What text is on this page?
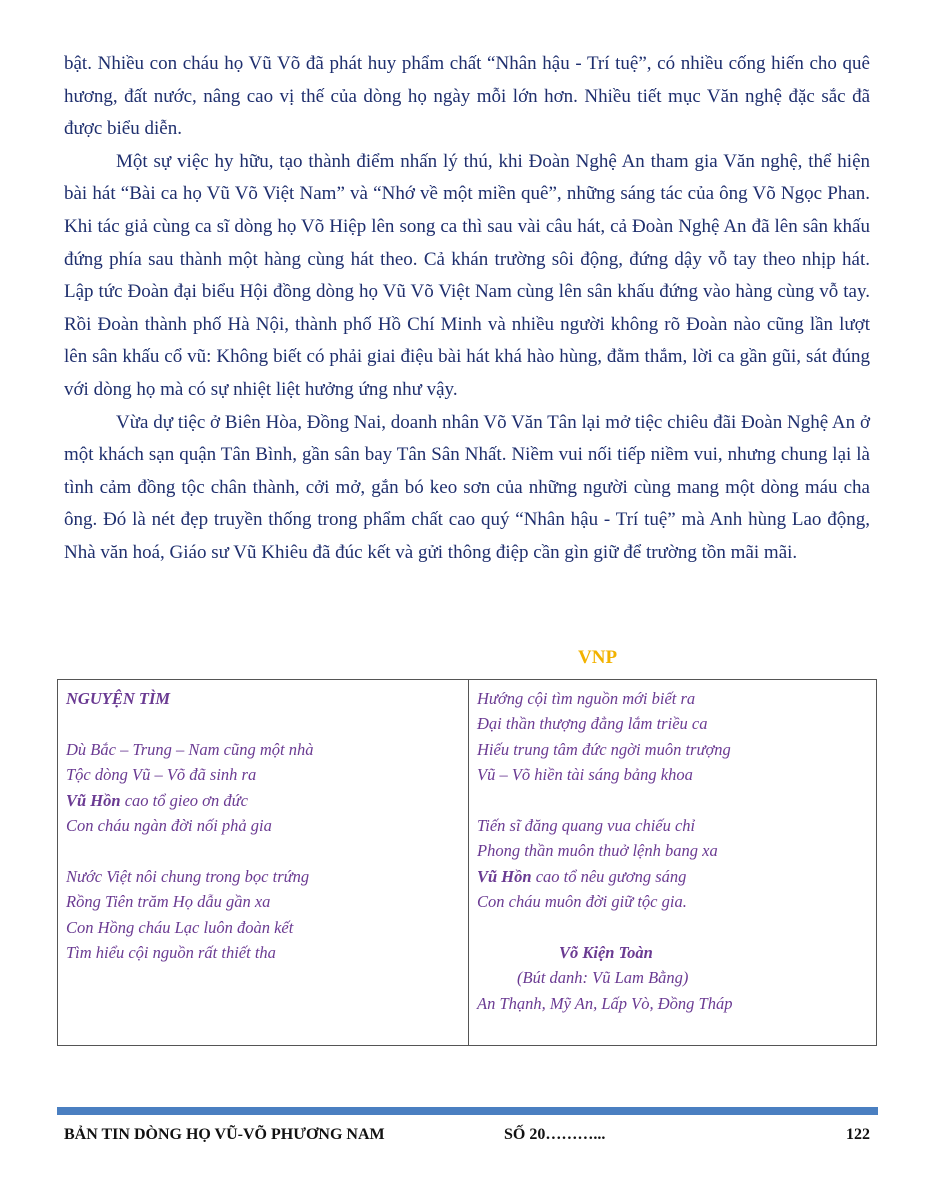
bật. Nhiều con cháu họ Vũ Võ đã phát huy phẩm chất “Nhân hậu - Trí tuệ”, có nhiều cống hiến cho quê hương, đất nước, nâng cao vị thế của dòng họ ngày mỗi lớn hơn. Nhiều tiết mục Văn nghệ đặc sắc đã được biểu diễn.

Một sự việc hy hữu, tạo thành điểm nhấn lý thú, khi Đoàn Nghệ An tham gia Văn nghệ, thể hiện bài hát “Bài ca họ Vũ Võ Việt Nam” và “Nhớ về một miền quê”, những sáng tác của ông Võ Ngọc Phan. Khi tác giả cùng ca sĩ dòng họ Võ Hiệp lên song ca thì sau vài câu hát, cả Đoàn Nghệ An đã lên sân khấu đứng phía sau thành một hàng cùng hát theo. Cả khán trường sôi động, đứng dậy vỗ tay theo nhịp hát. Lập tức Đoàn đại biểu Hội đồng dòng họ Vũ Võ Việt Nam cùng lên sân khấu đứng vào hàng cùng vỗ tay. Rồi Đoàn thành phố Hà Nội, thành phố Hồ Chí Minh và nhiều người không rõ Đoàn nào cũng lần lượt lên sân khấu cổ vũ: Không biết có phải giai điệu bài hát khá hào hùng, đằm thắm, lời ca gần gũi, sát đúng với dòng họ mà có sự nhiệt liệt hưởng ứng như vậy.

Vừa dự tiệc ở Biên Hòa, Đồng Nai, doanh nhân Võ Văn Tân lại mở tiệc chiêu đãi Đoàn Nghệ An ở một khách sạn quận Tân Bình, gần sân bay Tân Sân Nhất. Niềm vui nối tiếp niềm vui, nhưng chung lại là tình cảm đồng tộc chân thành, cởi mở, gắn bó keo sơn của những người cùng mang một dòng máu cha ông. Đó là nét đẹp truyền thống trong phẩm chất cao quý “Nhân hậu - Trí tuệ” mà Anh hùng Lao động, Nhà văn hoá, Giáo sư Vũ Khiêu đã đúc kết và gửi thông điệp cần gìn giữ để trường tồn mãi mãi.

VNP
NGUYỆN TÌM
Dù Bắc – Trung – Nam cũng một nhà
Tộc dòng Vũ – Võ đã sinh ra
Vũ Hồn cao tổ gieo ơn đức
Con cháu ngàn đời nối phả gia
Nước Việt nôi chung trong bọc trứng
Rồng Tiên trăm Họ dẫu gần xa
Con Hồng cháu Lạc luôn đoàn kết
Tìm hiểu cội nguồn rất thiết tha
Hướng cội tìm nguồn mới biết ra
Đại thần thượng đẳng lắm triều ca
Hiếu trung tâm đức ngời muôn trượng
Vũ – Võ hiền tài sáng bảng khoa
Tiến sĩ đăng quang vua chiếu chỉ
Phong thần muôn thuở lệnh bang xa
Vũ Hồn cao tổ nêu gương sáng
Con cháu muôn đời giữ tộc gia.
Võ Kiện Toàn
(Bút danh: Vũ Lam Bằng)
An Thạnh, Mỹ An, Lấp Vò, Đồng Tháp
BẢN TIN DÒNG HỌ VŨ-VÕ PHƯƠNG NAM	SỐ 20………...	122
